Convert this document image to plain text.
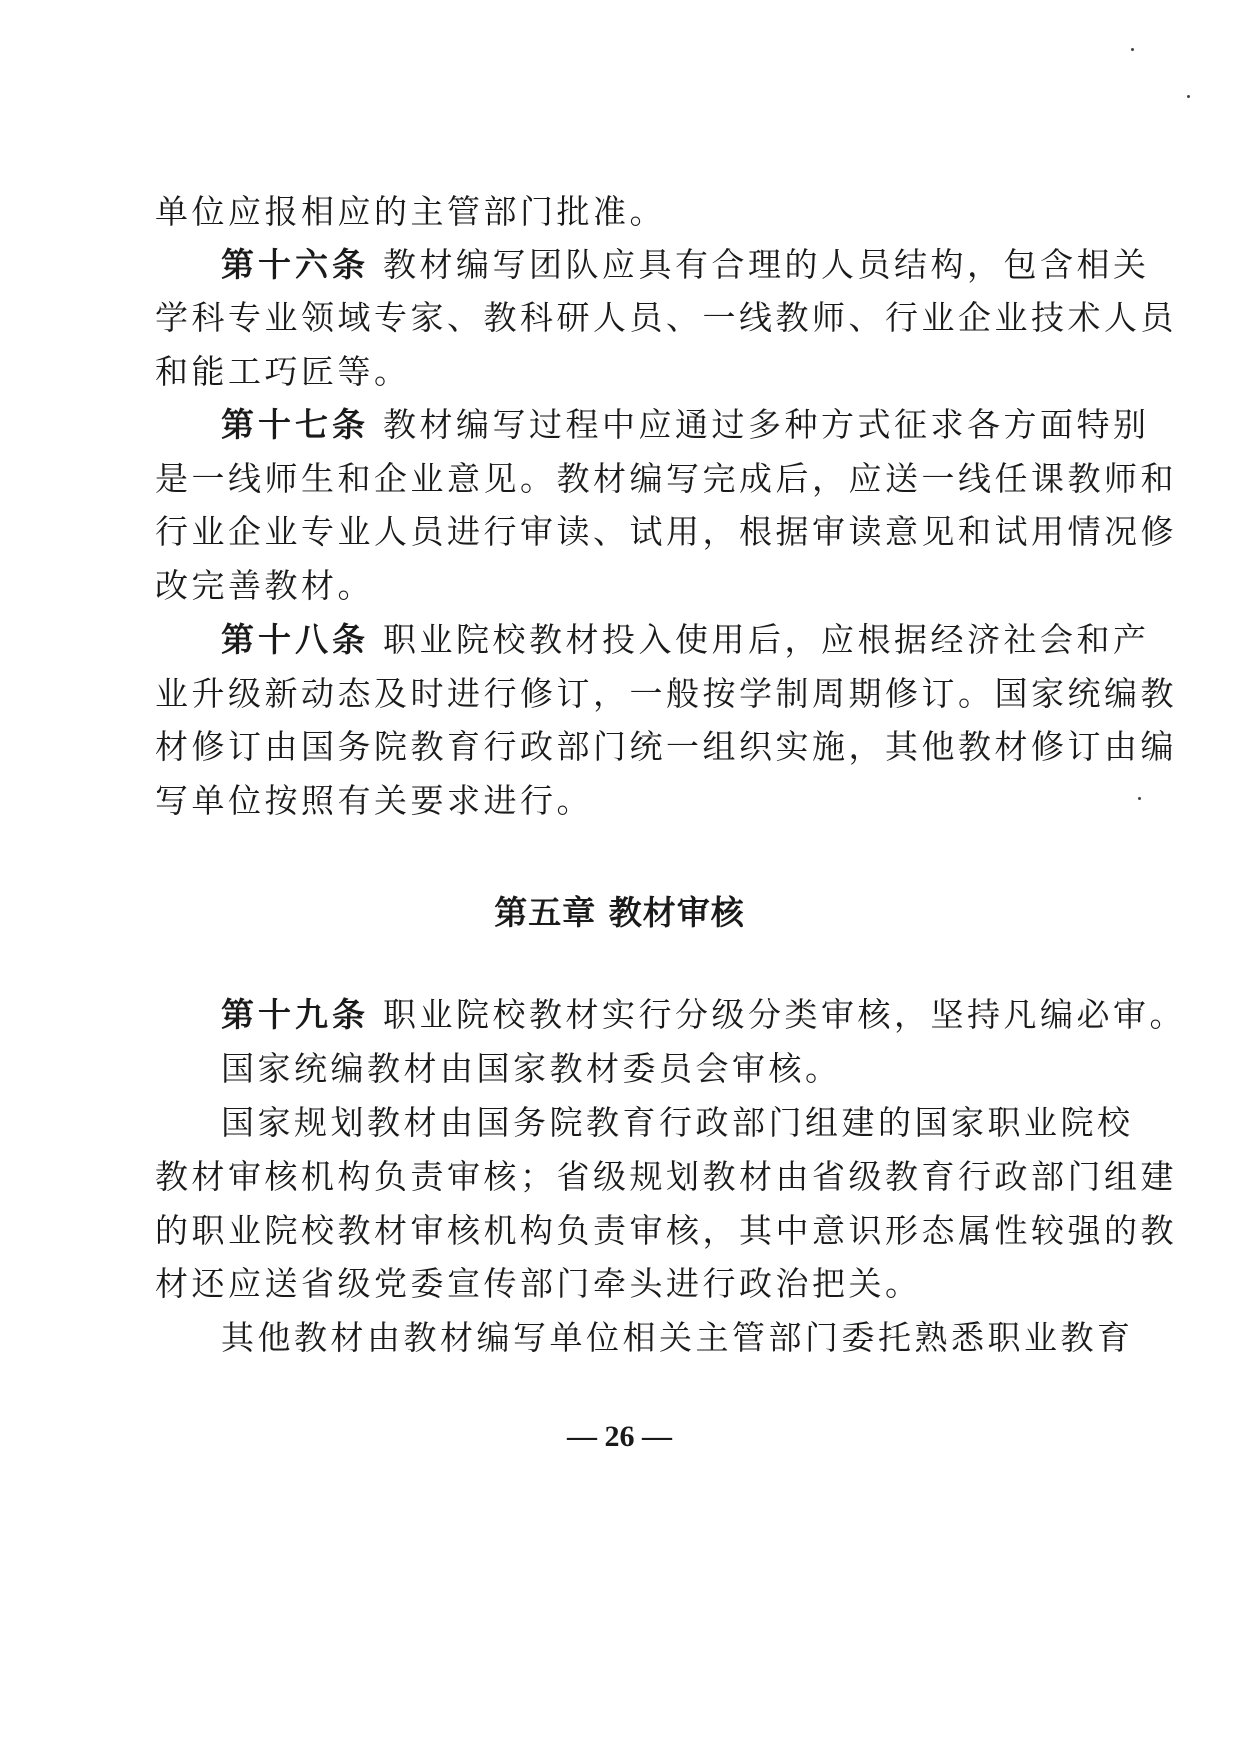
单位应报相应的主管部门批准。
第十六条 教材编写团队应具有合理的人员结构，包含相关
学科专业领域专家、教科研人员、一线教师、行业企业技术人员
和能工巧匠等。
第十七条 教材编写过程中应通过多种方式征求各方面特别
是一线师生和企业意见。教材编写完成后，应送一线任课教师和
行业企业专业人员进行审读、试用，根据审读意见和试用情况修
改完善教材。
第十八条 职业院校教材投入使用后，应根据经济社会和产
业升级新动态及时进行修订，一般按学制周期修订。国家统编教
材修订由国务院教育行政部门统一组织实施，其他教材修订由编
写单位按照有关要求进行。
第五章 教材审核
第十九条 职业院校教材实行分级分类审核，坚持凡编必审。
国家统编教材由国家教材委员会审核。
国家规划教材由国务院教育行政部门组建的国家职业院校
教材审核机构负责审核；省级规划教材由省级教育行政部门组建
的职业院校教材审核机构负责审核，其中意识形态属性较强的教
材还应送省级党委宣传部门牵头进行政治把关。
其他教材由教材编写单位相关主管部门委托熟悉职业教育
— 26 —
